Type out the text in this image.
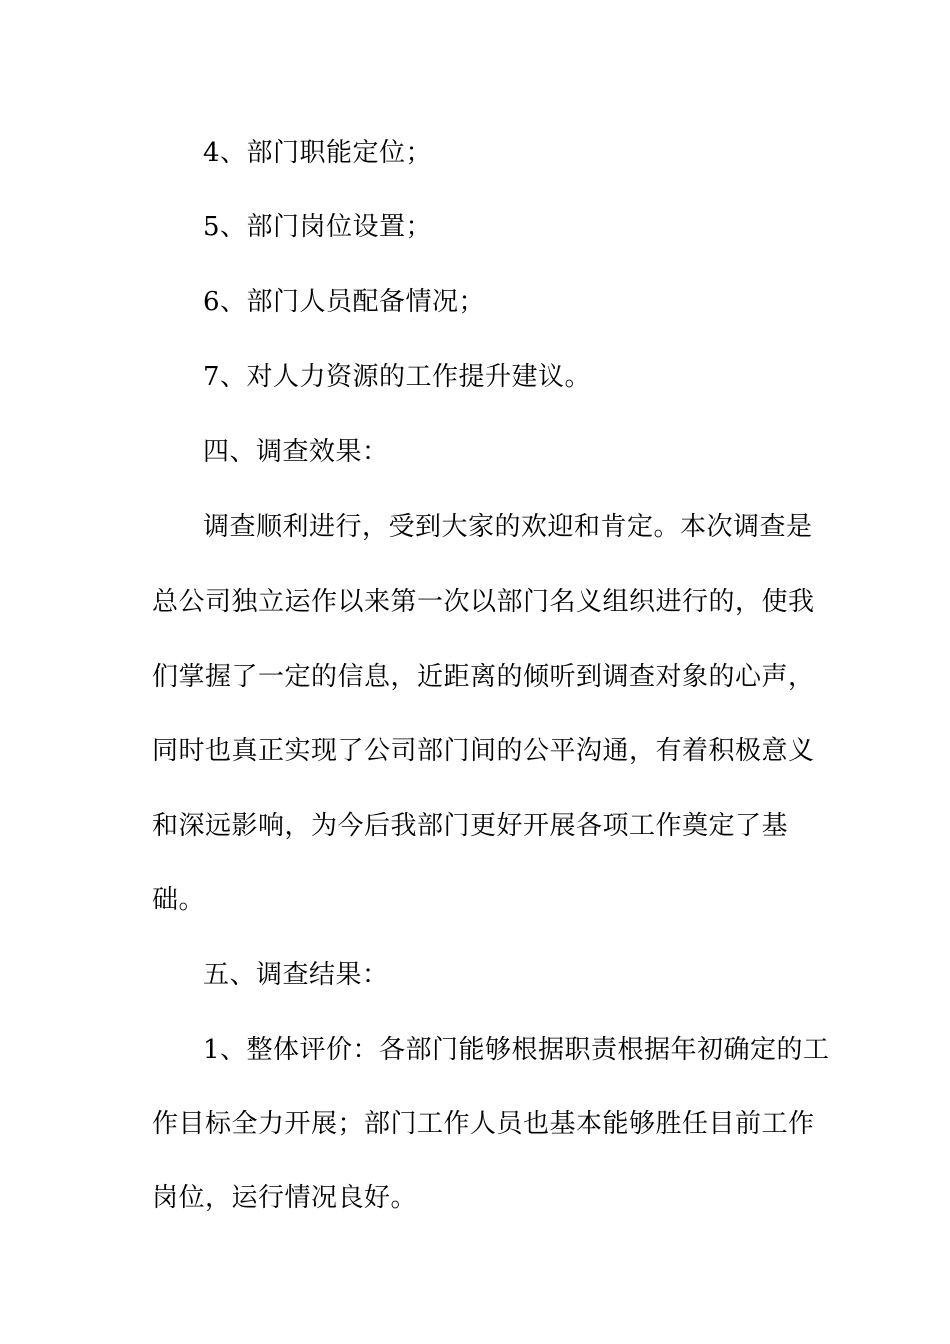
4、部门职能定位；
5、部门岗位设置；
6、部门人员配备情况；
7、对人力资源的工作提升建议。
四、调查效果：
调查顺利进行，受到大家的欢迎和肯定。本次调查是
总公司独立运作以来第一次以部门名义组织进行的，使我
们掌握了一定的信息，近距离的倾听到调查对象的心声，
同时也真正实现了公司部门间的公平沟通，有着积极意义
和深远影响，为今后我部门更好开展各项工作奠定了基
础。
五、调查结果：
1、整体评价：各部门能够根据职责根据年初确定的工
作目标全力开展；部门工作人员也基本能够胜任目前工作
岗位，运行情况良好。
